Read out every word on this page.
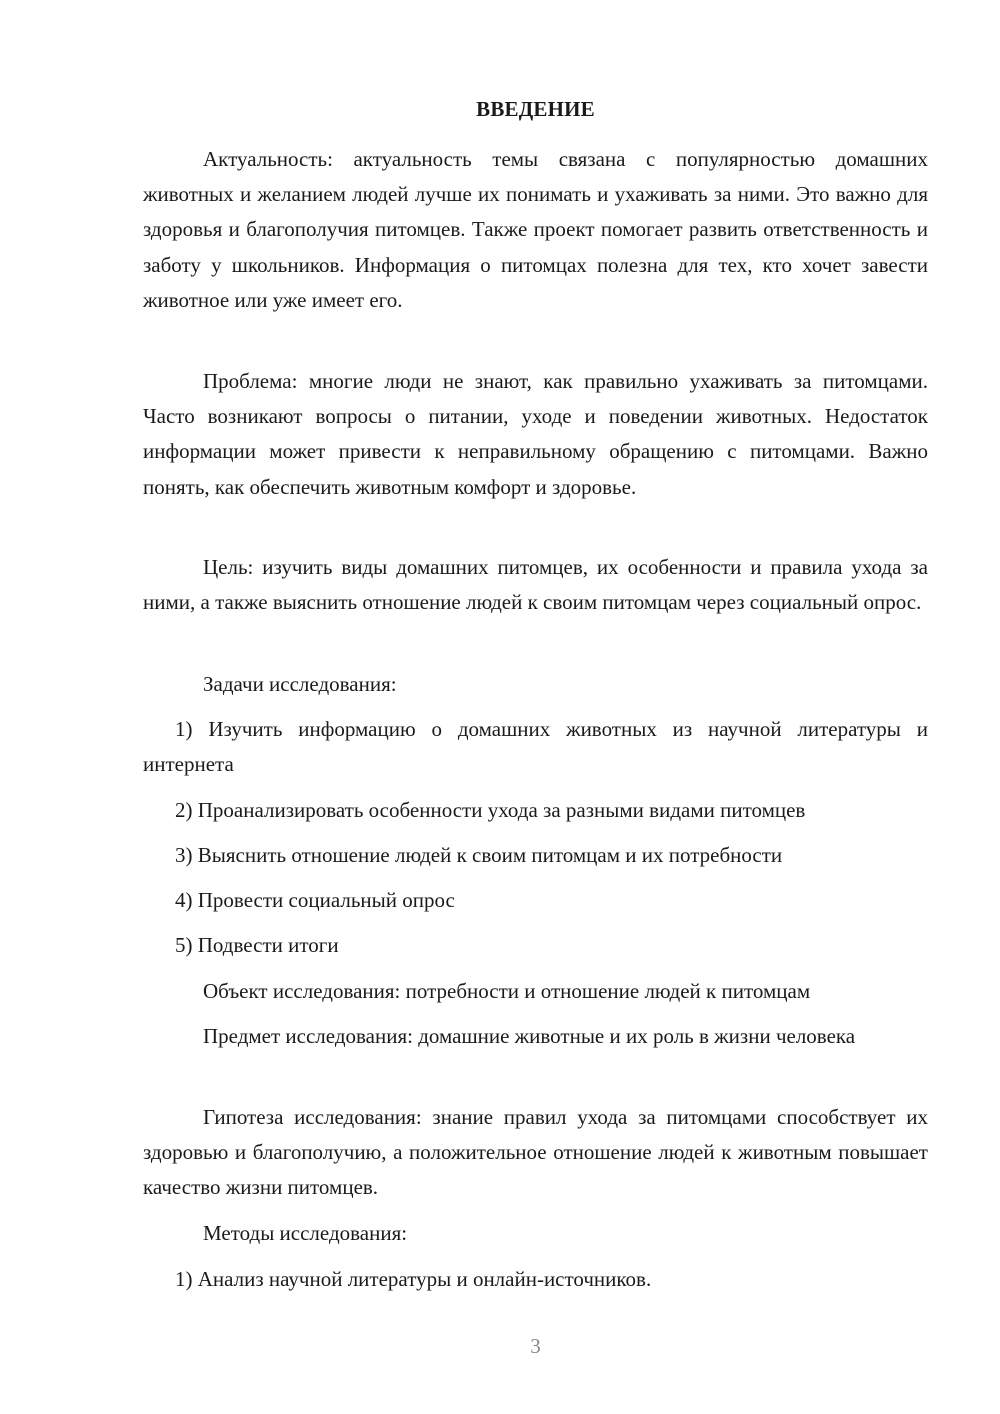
ВВЕДЕНИЕ

Актуальность: актуальность темы связана с популярностью домашних животных и желанием людей лучше их понимать и ухаживать за ними. Это важно для здоровья и благополучия питомцев. Также проект помогает развить ответственность и заботу у школьников. Информация о питомцах полезна для тех, кто хочет завести животное или уже имеет его.

Проблема: многие люди не знают, как правильно ухаживать за питомцами. Часто возникают вопросы о питании, уходе и поведении животных. Недостаток информации может привести к неправильному обращению с питомцами. Важно понять, как обеспечить животным комфорт и здоровье.

Цель: изучить виды домашних питомцев, их особенности и правила ухода за ними, а также выяснить отношение людей к своим питомцам через социальный опрос.

Задачи исследования:

1) Изучить информацию о домашних животных из научной литературы и интернета

2) Проанализировать особенности ухода за разными видами питомцев
3) Выяснить отношение людей к своим питомцам и их потребности
4) Провести социальный опрос
5) Подвести итоги
Объект исследования: потребности и отношение людей к питомцам

Предмет исследования: домашние животные и их роль в жизни человека

Гипотеза исследования: знание правил ухода за питомцами способствует их здоровью и благополучию, а положительное отношение людей к животным повышает качество жизни питомцев.

Методы исследования:
1) Анализ научной литературы и онлайн-источников.
3
